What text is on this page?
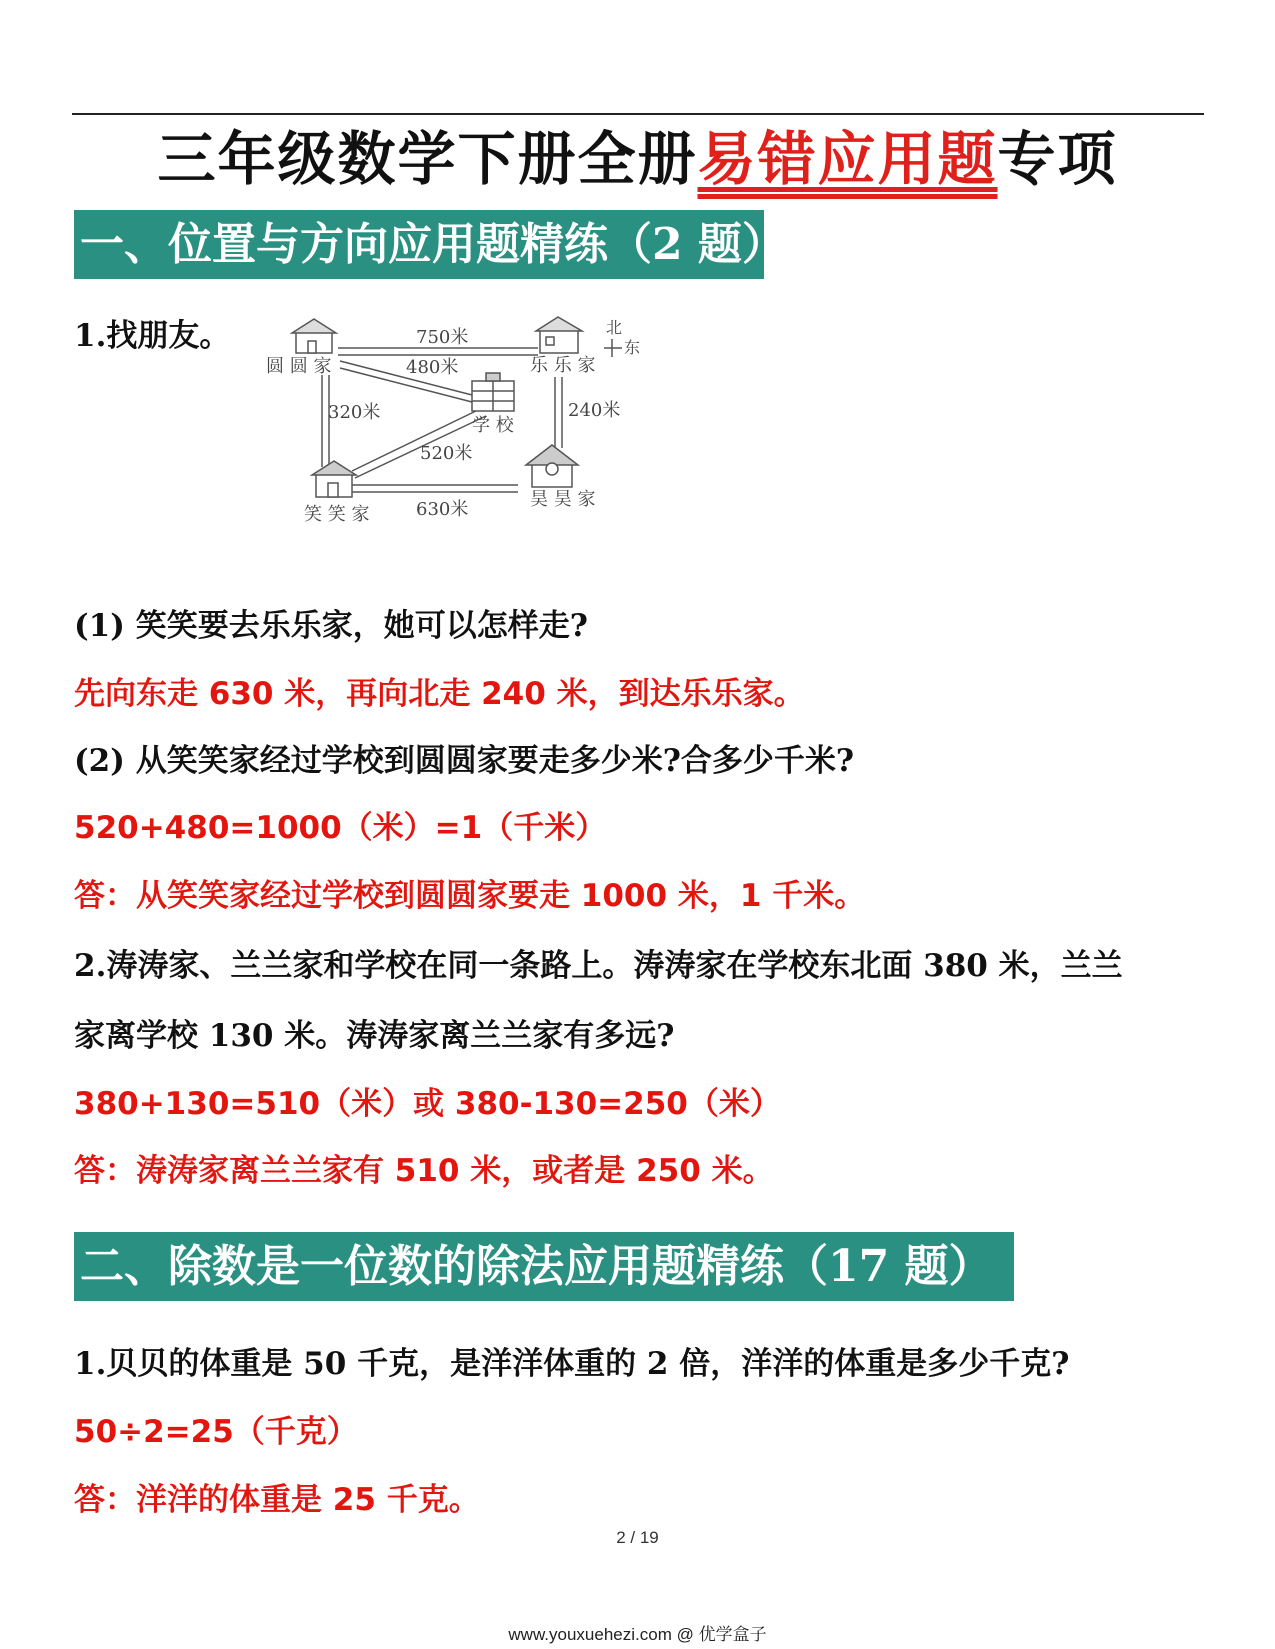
三年级数学下册全册易错应用题专项
一、位置与方向应用题精练（2 题）
1.找朋友。	北
东
圆 圆 家	乐 乐 家
学 校
笑 笑 家
昊 昊 家
750米
480米
320米	240米
520米
630米
(1) 笑笑要去乐乐家，她可以怎样走?
先向东走 630 米，再向北走 240 米，到达乐乐家。
(2) 从笑笑家经过学校到圆圆家要走多少米?合多少千米?
520+480=1000（米）=1（千米）
答：从笑笑家经过学校到圆圆家要走 1000 米，1 千米。
2.涛涛家、兰兰家和学校在同一条路上。涛涛家在学校东北面 380 米，兰兰
家离学校 130 米。涛涛家离兰兰家有多远?
380+130=510（米）或 380-130=250（米）
答：涛涛家离兰兰家有 510 米，或者是 250 米。
二、除数是一位数的除法应用题精练（17 题）
1.贝贝的体重是 50 千克，是洋洋体重的 2 倍，洋洋的体重是多少千克?
50÷2=25（千克）
答：洋洋的体重是 25 千克。
2 / 19
www.youxuehezi.com @ 优学盒子
